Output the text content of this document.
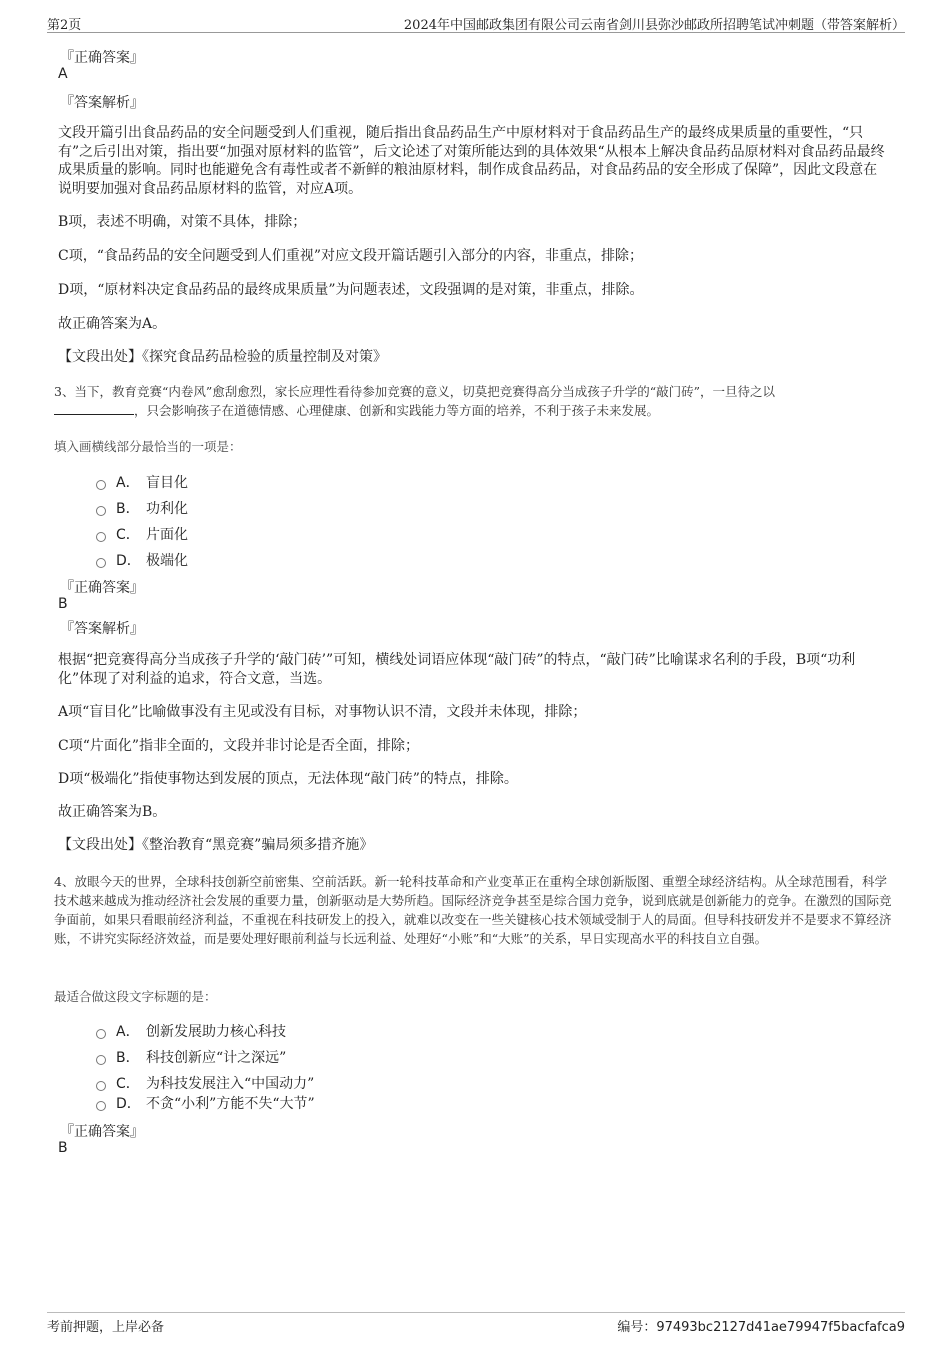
第2页	2024年中国邮政集团有限公司云南省剑川县弥沙邮政所招聘笔试冲刺题（带答案解析）
『正确答案』
A
『答案解析』
文段开篇引出食品药品的安全问题受到人们重视，随后指出食品药品生产中原材料对于食品药品生产的最终成果质量的重要性，“只有”之后引出对策，指出要“加强对原材料的监管”，后文论述了对策所能达到的具体效果“从根本上解决食品药品原材料对食品药品最终成果质量的影响。同时也能避免含有毒性或者不新鲜的粮油原材料，制作成食品药品，对食品药品的安全形成了保障”，因此文段意在说明要加强对食品药品原材料的监管，对应A项。
B项，表述不明确，对策不具体，排除；
C项，“食品药品的安全问题受到人们重视”对应文段开篇话题引入部分的内容，非重点，排除；
D项，“原材料决定食品药品的最终成果质量”为问题表述，文段强调的是对策，非重点，排除。
故正确答案为A。
【文段出处】《探究食品药品检验的质量控制及对策》
3、当下，教育竞赛“内卷风”愈刮愈烈，家长应理性看待参加竞赛的意义，切莫把竞赛得高分当成孩子升学的“敲门砖”，一旦待之以
，只会影响孩子在道德情感、心理健康、创新和实践能力等方面的培养，不利于孩子未来发展。
填入画横线部分最恰当的一项是：
A． 盲目化
B． 功利化
C． 片面化
D． 极端化
『正确答案』
B
『答案解析』
根据“把竞赛得高分当成孩子升学的‘敲门砖’”可知，横线处词语应体现“敲门砖”的特点，“敲门砖”比喻谋求名利的手段，B项“功利化”体现了对利益的追求，符合文意，当选。
A项“盲目化”比喻做事没有主见或没有目标，对事物认识不清，文段并未体现，排除；
C项“片面化”指非全面的，文段并非讨论是否全面，排除；
D项“极端化”指使事物达到发展的顶点，无法体现“敲门砖”的特点，排除。
故正确答案为B。
【文段出处】《整治教育“黑竞赛”骗局须多措齐施》
4、放眼今天的世界，全球科技创新空前密集、空前活跃。新一轮科技革命和产业变革正在重构全球创新版图、重塑全球经济结构。从全球范围看，科学技术越来越成为推动经济社会发展的重要力量，创新驱动是大势所趋。国际经济竞争甚至是综合国力竞争，说到底就是创新能力的竞争。在激烈的国际竞争面前，如果只看眼前经济利益，不重视在科技研发上的投入，就难以改变在一些关键核心技术领域受制于人的局面。但导科技研发并不是要求不算经济账，不讲究实际经济效益，而是要处理好眼前利益与长远利益、处理好“小账”和“大账”的关系，早日实现高水平的科技自立自强。
最适合做这段文字标题的是：
A． 创新发展助力核心科技
B． 科技创新应“计之深远”
C． 为科技发展注入“中国动力”
D． 不贪“小利”方能不失“大节”
『正确答案』
B
考前押题，上岸必备	编号：97493bc2127d41ae79947f5bacfafca9
